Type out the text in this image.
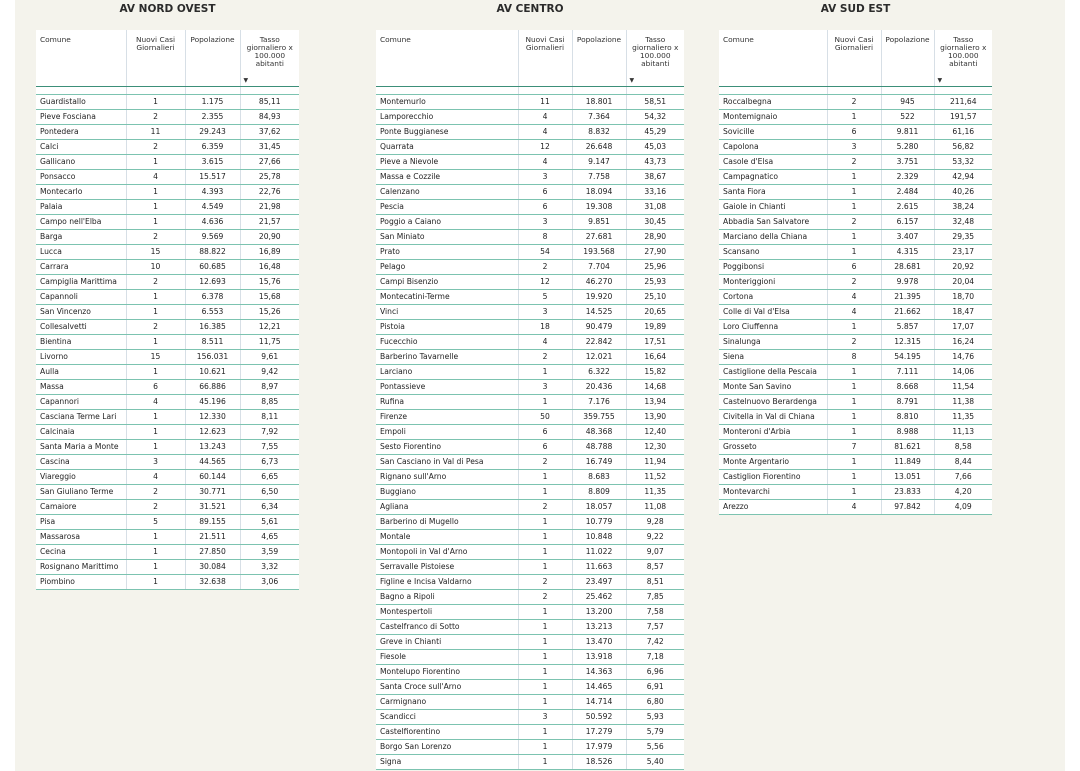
AV NORD OVEST
Comune	Nuovi Casi Giornalieri	Popolazione	Tasso giornaliero x 100.000 abitanti
▼

Guardistallo	1	1.175	85,11
Pieve Fosciana	2	2.355	84,93
Pontedera	11	29.243	37,62
Calci	2	6.359	31,45
Gallicano	1	3.615	27,66
Ponsacco	4	15.517	25,78
Montecarlo	1	4.393	22,76
Palaia	1	4.549	21,98
Campo nell'Elba	1	4.636	21,57
Barga	2	9.569	20,90
Lucca	15	88.822	16,89
Carrara	10	60.685	16,48
Campiglia Marittima	2	12.693	15,76
Capannoli	1	6.378	15,68
San Vincenzo	1	6.553	15,26
Collesalvetti	2	16.385	12,21
Bientina	1	8.511	11,75
Livorno	15	156.031	9,61
Aulla	1	10.621	9,42
Massa	6	66.886	8,97
Capannori	4	45.196	8,85
Casciana Terme Lari	1	12.330	8,11
Calcinaia	1	12.623	7,92
Santa Maria a Monte	1	13.243	7,55
Cascina	3	44.565	6,73
Viareggio	4	60.144	6,65
San Giuliano Terme	2	30.771	6,50
Camaiore	2	31.521	6,34
Pisa	5	89.155	5,61
Massarosa	1	21.511	4,65
Cecina	1	27.850	3,59
Rosignano Marittimo	1	30.084	3,32
Piombino	1	32.638	3,06
AV CENTRO
Comune	Nuovi Casi Giornalieri	Popolazione	Tasso giornaliero x 100.000 abitanti
▼

Montemurlo	11	18.801	58,51
Lamporecchio	4	7.364	54,32
Ponte Buggianese	4	8.832	45,29
Quarrata	12	26.648	45,03
Pieve a Nievole	4	9.147	43,73
Massa e Cozzile	3	7.758	38,67
Calenzano	6	18.094	33,16
Pescia	6	19.308	31,08
Poggio a Caiano	3	9.851	30,45
San Miniato	8	27.681	28,90
Prato	54	193.568	27,90
Pelago	2	7.704	25,96
Campi Bisenzio	12	46.270	25,93
Montecatini-Terme	5	19.920	25,10
Vinci	3	14.525	20,65
Pistoia	18	90.479	19,89
Fucecchio	4	22.842	17,51
Barberino Tavarnelle	2	12.021	16,64
Larciano	1	6.322	15,82
Pontassieve	3	20.436	14,68
Rufina	1	7.176	13,94
Firenze	50	359.755	13,90
Empoli	6	48.368	12,40
Sesto Fiorentino	6	48.788	12,30
San Casciano in Val di Pesa	2	16.749	11,94
Rignano sull'Arno	1	8.683	11,52
Buggiano	1	8.809	11,35
Agliana	2	18.057	11,08
Barberino di Mugello	1	10.779	9,28
Montale	1	10.848	9,22
Montopoli in Val d'Arno	1	11.022	9,07
Serravalle Pistoiese	1	11.663	8,57
Figline e Incisa Valdarno	2	23.497	8,51
Bagno a Ripoli	2	25.462	7,85
Montespertoli	1	13.200	7,58
Castelfranco di Sotto	1	13.213	7,57
Greve in Chianti	1	13.470	7,42
Fiesole	1	13.918	7,18
Montelupo Fiorentino	1	14.363	6,96
Santa Croce sull'Arno	1	14.465	6,91
Carmignano	1	14.714	6,80
Scandicci	3	50.592	5,93
Castelfiorentino	1	17.279	5,79
Borgo San Lorenzo	1	17.979	5,56
Signa	1	18.526	5,40
AV SUD EST
Comune	Nuovi Casi Giornalieri	Popolazione	Tasso giornaliero x 100.000 abitanti
▼

Roccalbegna	2	945	211,64
Montemignaio	1	522	191,57
Sovicille	6	9.811	61,16
Capolona	3	5.280	56,82
Casole d'Elsa	2	3.751	53,32
Campagnatico	1	2.329	42,94
Santa Fiora	1	2.484	40,26
Gaiole in Chianti	1	2.615	38,24
Abbadia San Salvatore	2	6.157	32,48
Marciano della Chiana	1	3.407	29,35
Scansano	1	4.315	23,17
Poggibonsi	6	28.681	20,92
Monteriggioni	2	9.978	20,04
Cortona	4	21.395	18,70
Colle di Val d'Elsa	4	21.662	18,47
Loro Ciuffenna	1	5.857	17,07
Sinalunga	2	12.315	16,24
Siena	8	54.195	14,76
Castiglione della Pescaia	1	7.111	14,06
Monte San Savino	1	8.668	11,54
Castelnuovo Berardenga	1	8.791	11,38
Civitella in Val di Chiana	1	8.810	11,35
Monteroni d'Arbia	1	8.988	11,13
Grosseto	7	81.621	8,58
Monte Argentario	1	11.849	8,44
Castiglion Fiorentino	1	13.051	7,66
Montevarchi	1	23.833	4,20
Arezzo	4	97.842	4,09
